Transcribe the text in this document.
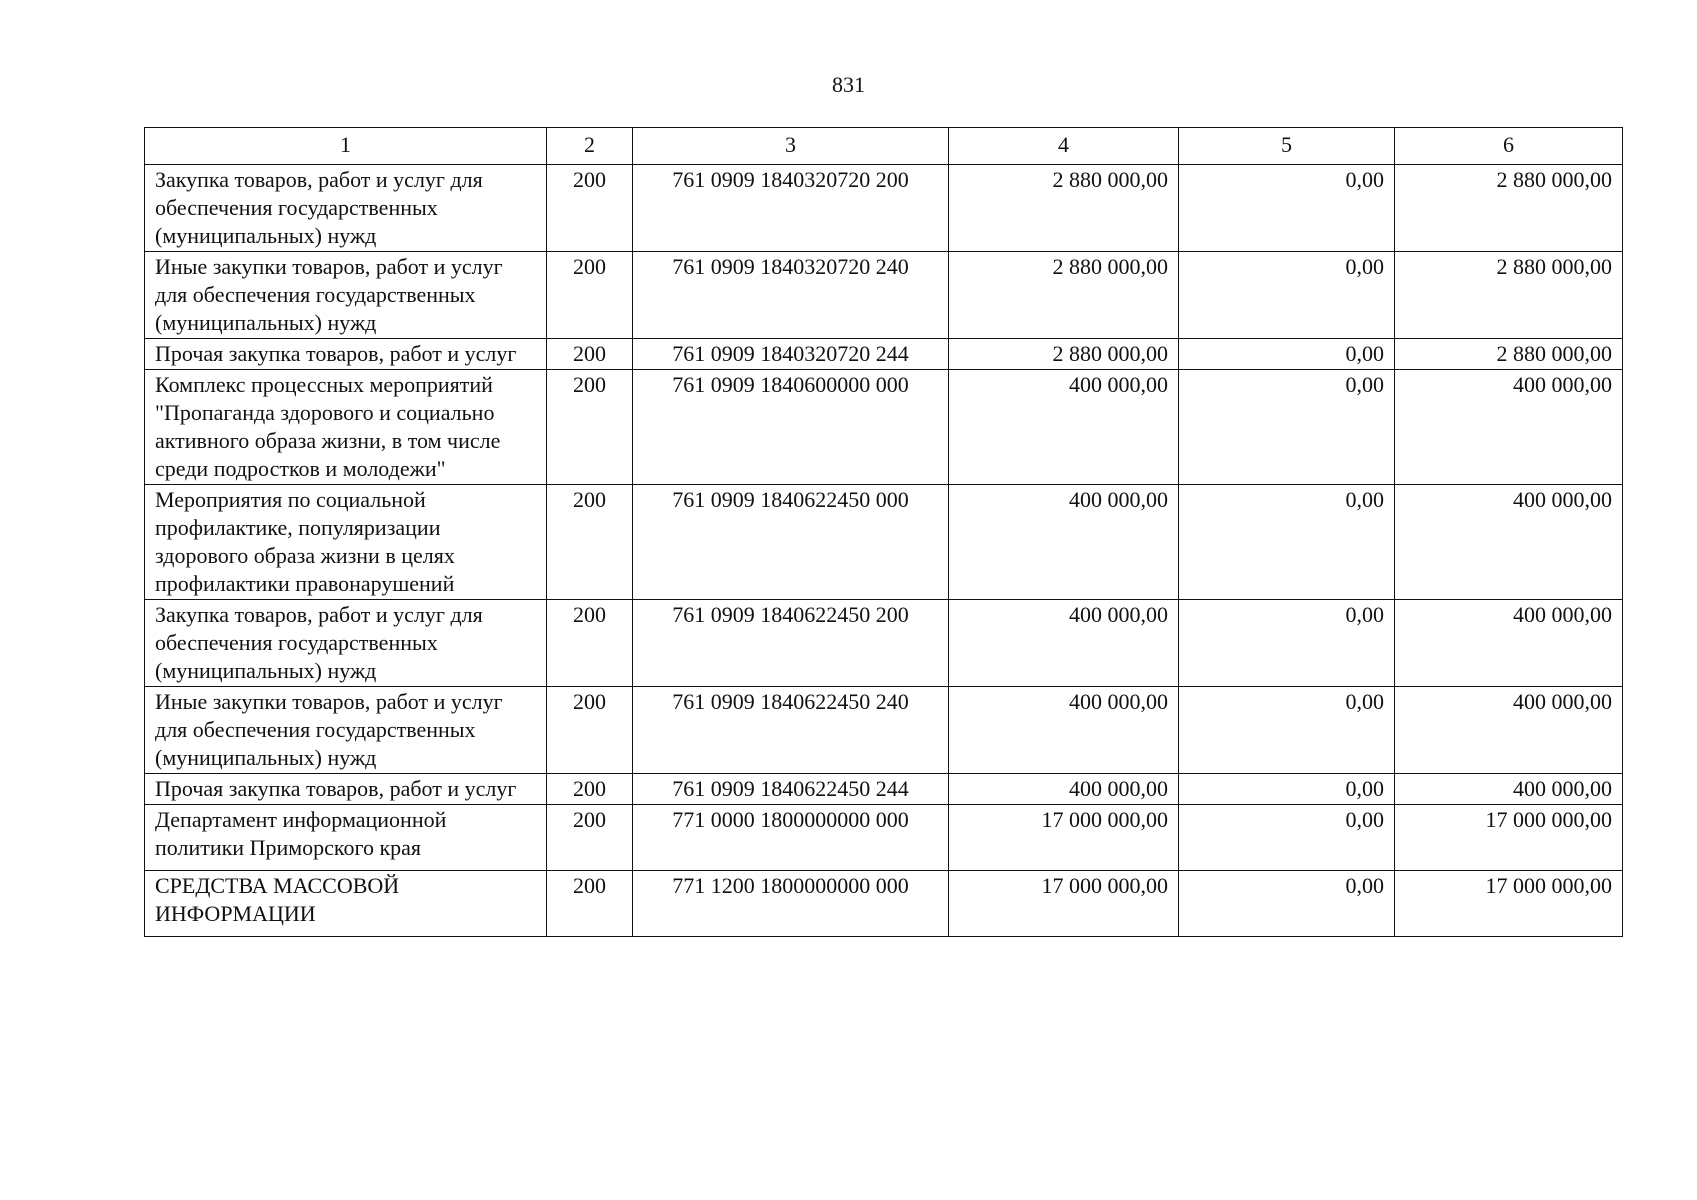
831
1	2	3	4	5	6
Закупка товаров, работ и услуг для обеспечения государственных (муниципальных) нужд	200	761 0909 1840320720 200	2 880 000,00	0,00	2 880 000,00
Иные закупки товаров, работ и услуг для обеспечения государственных (муниципальных) нужд	200	761 0909 1840320720 240	2 880 000,00	0,00	2 880 000,00
Прочая закупка товаров, работ и услуг	200	761 0909 1840320720 244	2 880 000,00	0,00	2 880 000,00
Комплекс процессных мероприятий "Пропаганда здорового и социально активного образа жизни, в том числе среди подростков и молодежи"	200	761 0909 1840600000 000	400 000,00	0,00	400 000,00
Мероприятия по социальной профилактике, популяризации здорового образа жизни в целях профилактики правонарушений	200	761 0909 1840622450 000	400 000,00	0,00	400 000,00
Закупка товаров, работ и услуг для обеспечения государственных (муниципальных) нужд	200	761 0909 1840622450 200	400 000,00	0,00	400 000,00
Иные закупки товаров, работ и услуг для обеспечения государственных (муниципальных) нужд	200	761 0909 1840622450 240	400 000,00	0,00	400 000,00
Прочая закупка товаров, работ и услуг	200	761 0909 1840622450 244	400 000,00	0,00	400 000,00
Департамент информационной политики Приморского края	200	771 0000 1800000000 000	17 000 000,00	0,00	17 000 000,00
СРЕДСТВА МАССОВОЙ ИНФОРМАЦИИ	200	771 1200 1800000000 000	17 000 000,00	0,00	17 000 000,00
